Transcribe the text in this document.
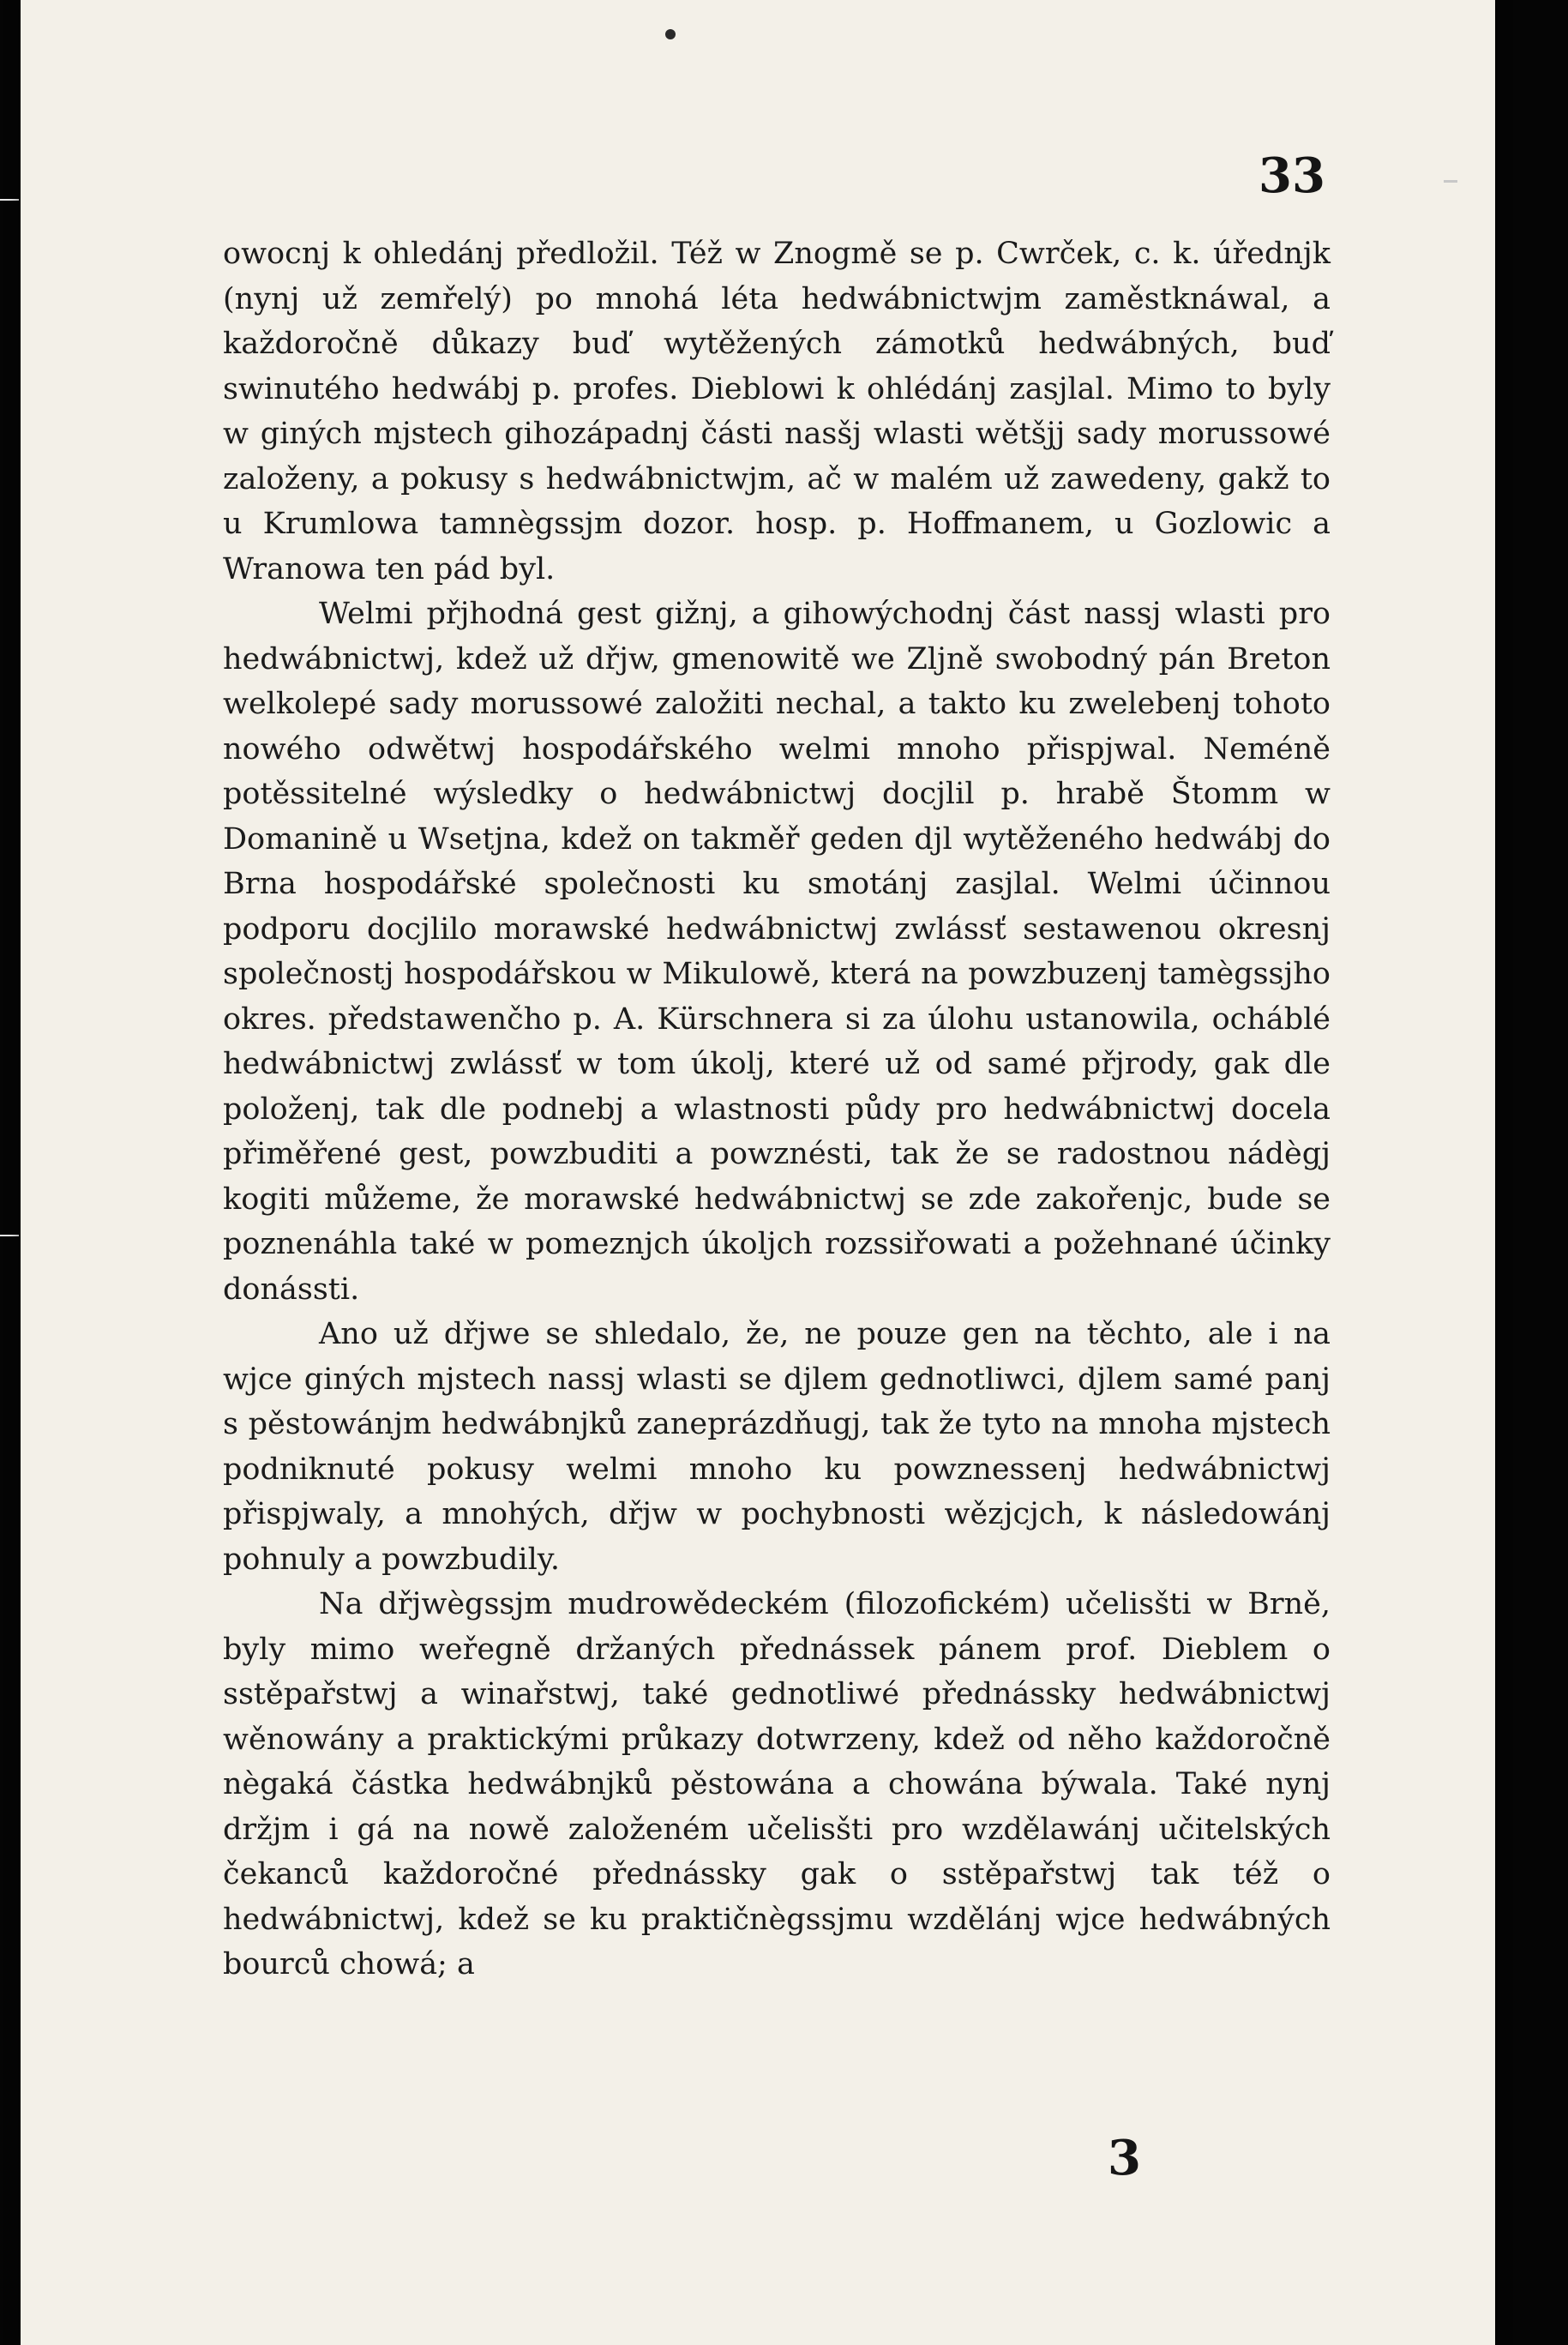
33

owocnj k ohledánj předložil. Též w Znogmě se p. Cwrček, c. k. úřednjk (nynj už zemřelý) po mnohá léta hedwábnictwjm zaměstknáwal, a každoročně důkazy buď wytěžených zámotků hedwábných, buď swinutého hedwábj p. profes. Dieblowi k ohlédánj zasjlal. Mimo to byly w giných mjstech gihozápadnj části nasšj wlasti wětšjj sady morussowé založeny, a pokusy s hedwábnictwjm, ač w malém už zawedeny, gakž to u Krumlowa tamnègssjm dozor. hosp. p. Hoffmanem, u Gozlowic a Wranowa ten pád byl.

Welmi přjhodná gest gižnj, a gihowýchodnj část nassj wlasti pro hedwábnictwj, kdež už dřjw, gmenowitě we Zljně swobodný pán Breton welkolepé sady morussowé založiti nechal, a takto ku zwelebenj tohoto nowého odwětwj hospodářského welmi mnoho přispjwal. Neméně potěssitelné wýsledky o hedwábnictwj docjlil p. hrabě Štomm w Domanině u Wsetjna, kdež on takměř geden djl wytěženého hedwábj do Brna hospodářské společnosti ku smotánj zasjlal. Welmi účinnou podporu docjlilo morawské hedwábnictwj zwlássť sestawenou okresnj společnostj hospodářskou w Mikulowě, která na powzbuzenj tamègssjho okres. předstawenčho p. A. Kürschnera si za úlohu ustanowila, ocháblé hedwábnictwj zwlássť w tom úkolj, které už od samé přjrody, gak dle položenj, tak dle podnebj a wlastnosti půdy pro hedwábnictwj docela přiměřené gest, powzbuditi a powznésti, tak že se radostnou nádègj kogiti můžeme, že morawské hedwábnictwj se zde zakořenjc, bude se poznenáhla také w pomeznjch úkoljch rozssiřowati a požehnané účinky donássti.

Ano už dřjwe se shledalo, že, ne pouze gen na těchto, ale i na wjce giných mjstech nassj wlasti se djlem gednotliwci, djlem samé panj s pěstowánjm hedwábnjků zaneprázdňugj, tak že tyto na mnoha mjstech podniknuté pokusy welmi mnoho ku powznessenj hedwábnictwj přispjwaly, a mnohých, dřjw w pochybnosti wězjcjch, k následowánj pohnuly a powzbudily.

Na dřjwègssjm mudrowědeckém (filozofickém) učelisšti w Brně, byly mimo weřegně držaných přednássek pánem prof. Dieblem o sstěpařstwj a winařstwj, také gednotliwé přednássky hedwábnictwj wěnowány a praktickými průkazy dotwrzeny, kdež od něho každoročně nègaká částka hedwábnjků pěstowána a chowána býwala. Také nynj držjm i gá na nowě založeném učelisšti pro wzdělawánj učitelských čekanců každoročné přednássky gak o sstěpařstwj tak též o hedwábnictwj, kdež se ku praktičnègssjmu wzdělánj wjce hedwábných bourců chowá; a

3
